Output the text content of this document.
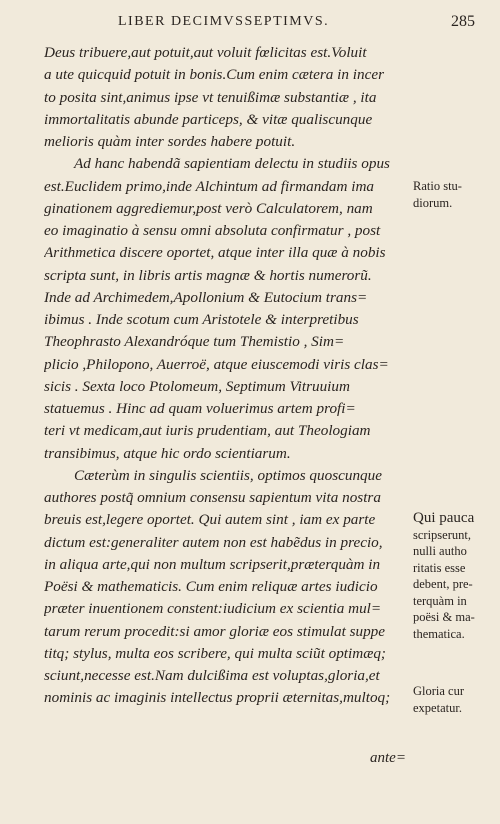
LIBER DECIMVSSEPTIMVS.	285
Deus tribuere,aut potuit,aut voluit fœlicitas est.Voluit
a ute quicquid potuit in bonis.Cum enim cætera in incer
to posita sint,animus ipse vt tenuißimæ substantiæ , ita
immortalitatis abunde particeps, & vitæ qualiscunque
melioris quàm inter sordes habere potuit.
Ad hanc habendã sapientiam delectu in studiis opus
est.Euclidem primo,inde Alchintum ad firmandam ima
ginationem aggrediemur,post verò Calculatorem, nam
eo imaginatio à sensu omni absoluta confirmatur , post
Arithmetica discere oportet, atque inter illa quæ à nobis
scripta sunt, in libris artis magnæ & hortis numerorũ.
Inde ad Archimedem,Apollonium & Eutocium trans=
ibimus . Inde scotum cum Aristotele & interpretibus
Theophrasto Alexandróque tum Themistio , Sim=
plicio ,Philopono, Auerroë, atque eiuscemodi viris clas=
sicis . Sexta loco Ptolomeum, Septimum Vitruuium
statuemus . Hinc ad quam voluerimus artem profi=
teri vt medicam,aut iuris prudentiam, aut Theologiam
transibimus, atque hic ordo scientiarum.
Cæterùm in singulis scientiis, optimos quoscunque
authores postq̃ omnium consensu sapientum vita nostra
breuis est,legere oportet. Qui autem sint , iam ex parte
dictum est:generaliter autem non est habẽdus in precio,
in aliqua arte,qui non multum scripserit,præterquàm in
Poësi & mathematicis. Cum enim reliquæ artes iudicio
præter inuentionem constent:iudicium ex scientia mul=
tarum rerum procedit:si amor gloriæ eos stimulat suppe
titq; stylus, multa eos scribere, qui multa sciũt optimæq;
sciunt,necesse est.Nam dulcißima est voluptas,gloria,et
nominis ac imaginis intellectus proprii æternitas,multoq;
ante=
Ratio stu-
diorum.
Qui pauca
scripserunt,
nulli autho
ritatis esse
debent, pre-
terquàm in
poësi & ma-
thematica.
Gloria cur
expetatur.
